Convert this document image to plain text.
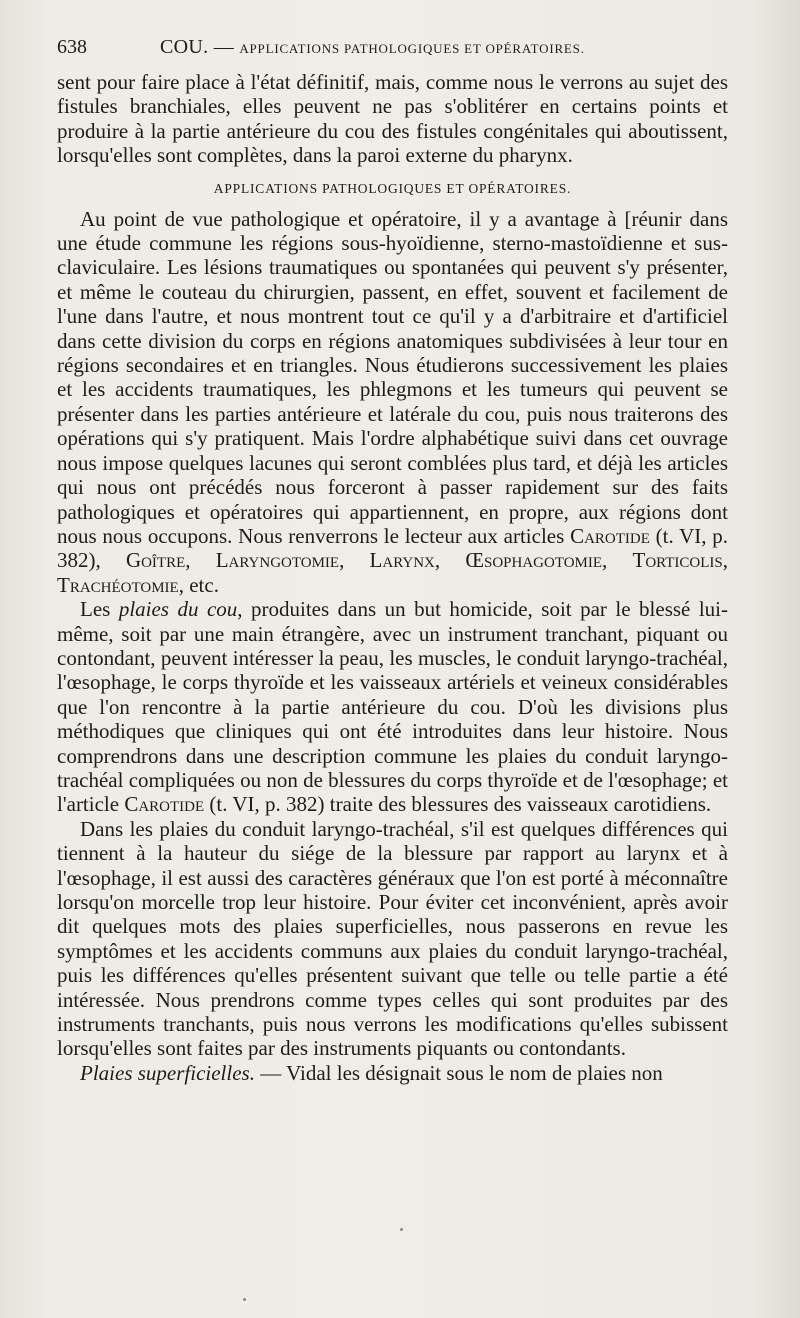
638	COU. — APPLICATIONS PATHOLOGIQUES ET OPÉRATOIRES.

sent pour faire place à l'état définitif, mais, comme nous le verrons au sujet des fistules branchiales, elles peuvent ne pas s'oblitérer en certains points et produire à la partie antérieure du cou des fistules congénitales qui aboutissent, lorsqu'elles sont complètes, dans la paroi externe du pharynx.

APPLICATIONS PATHOLOGIQUES ET OPÉRATOIRES.

Au point de vue pathologique et opératoire, il y a avantage à [réunir dans une étude commune les régions sous-hyoïdienne, sterno-mastoïdienne et sus-claviculaire. Les lésions traumatiques ou spontanées qui peuvent s'y présenter, et même le couteau du chirurgien, passent, en effet, souvent et facilement de l'une dans l'autre, et nous montrent tout ce qu'il y a d'arbitraire et d'artificiel dans cette division du corps en régions anatomiques subdivisées à leur tour en régions secondaires et en triangles. Nous étudierons successivement les plaies et les accidents traumatiques, les phlegmons et les tumeurs qui peuvent se présenter dans les parties antérieure et latérale du cou, puis nous traiterons des opérations qui s'y pratiquent. Mais l'ordre alphabétique suivi dans cet ouvrage nous impose quelques lacunes qui seront comblées plus tard, et déjà les articles qui nous ont précédés nous forceront à passer rapidement sur des faits pathologiques et opératoires qui appartiennent, en propre, aux régions dont nous nous occupons. Nous renverrons le lecteur aux articles Carotide (t. VI, p. 382), Goître, Laryngotomie, Larynx, Œsophagotomie, Torticolis, Trachéotomie, etc.

Les plaies du cou, produites dans un but homicide, soit par le blessé lui-même, soit par une main étrangère, avec un instrument tranchant, piquant ou contondant, peuvent intéresser la peau, les muscles, le conduit laryngo-trachéal, l'œsophage, le corps thyroïde et les vaisseaux artériels et veineux considérables que l'on rencontre à la partie antérieure du cou. D'où les divisions plus méthodiques que cliniques qui ont été introduites dans leur histoire. Nous comprendrons dans une description commune les plaies du conduit laryngo-trachéal compliquées ou non de blessures du corps thyroïde et de l'œsophage; et l'article Carotide (t. VI, p. 382) traite des blessures des vaisseaux carotidiens.

Dans les plaies du conduit laryngo-trachéal, s'il est quelques différences qui tiennent à la hauteur du siége de la blessure par rapport au larynx et à l'œsophage, il est aussi des caractères généraux que l'on est porté à méconnaître lorsqu'on morcelle trop leur histoire. Pour éviter cet inconvénient, après avoir dit quelques mots des plaies superficielles, nous passerons en revue les symptômes et les accidents communs aux plaies du conduit laryngo-trachéal, puis les différences qu'elles présentent suivant que telle ou telle partie a été intéressée. Nous prendrons comme types celles qui sont produites par des instruments tranchants, puis nous verrons les modifications qu'elles subissent lorsqu'elles sont faites par des instruments piquants ou contondants.

Plaies superficielles. — Vidal les désignait sous le nom de plaies non
